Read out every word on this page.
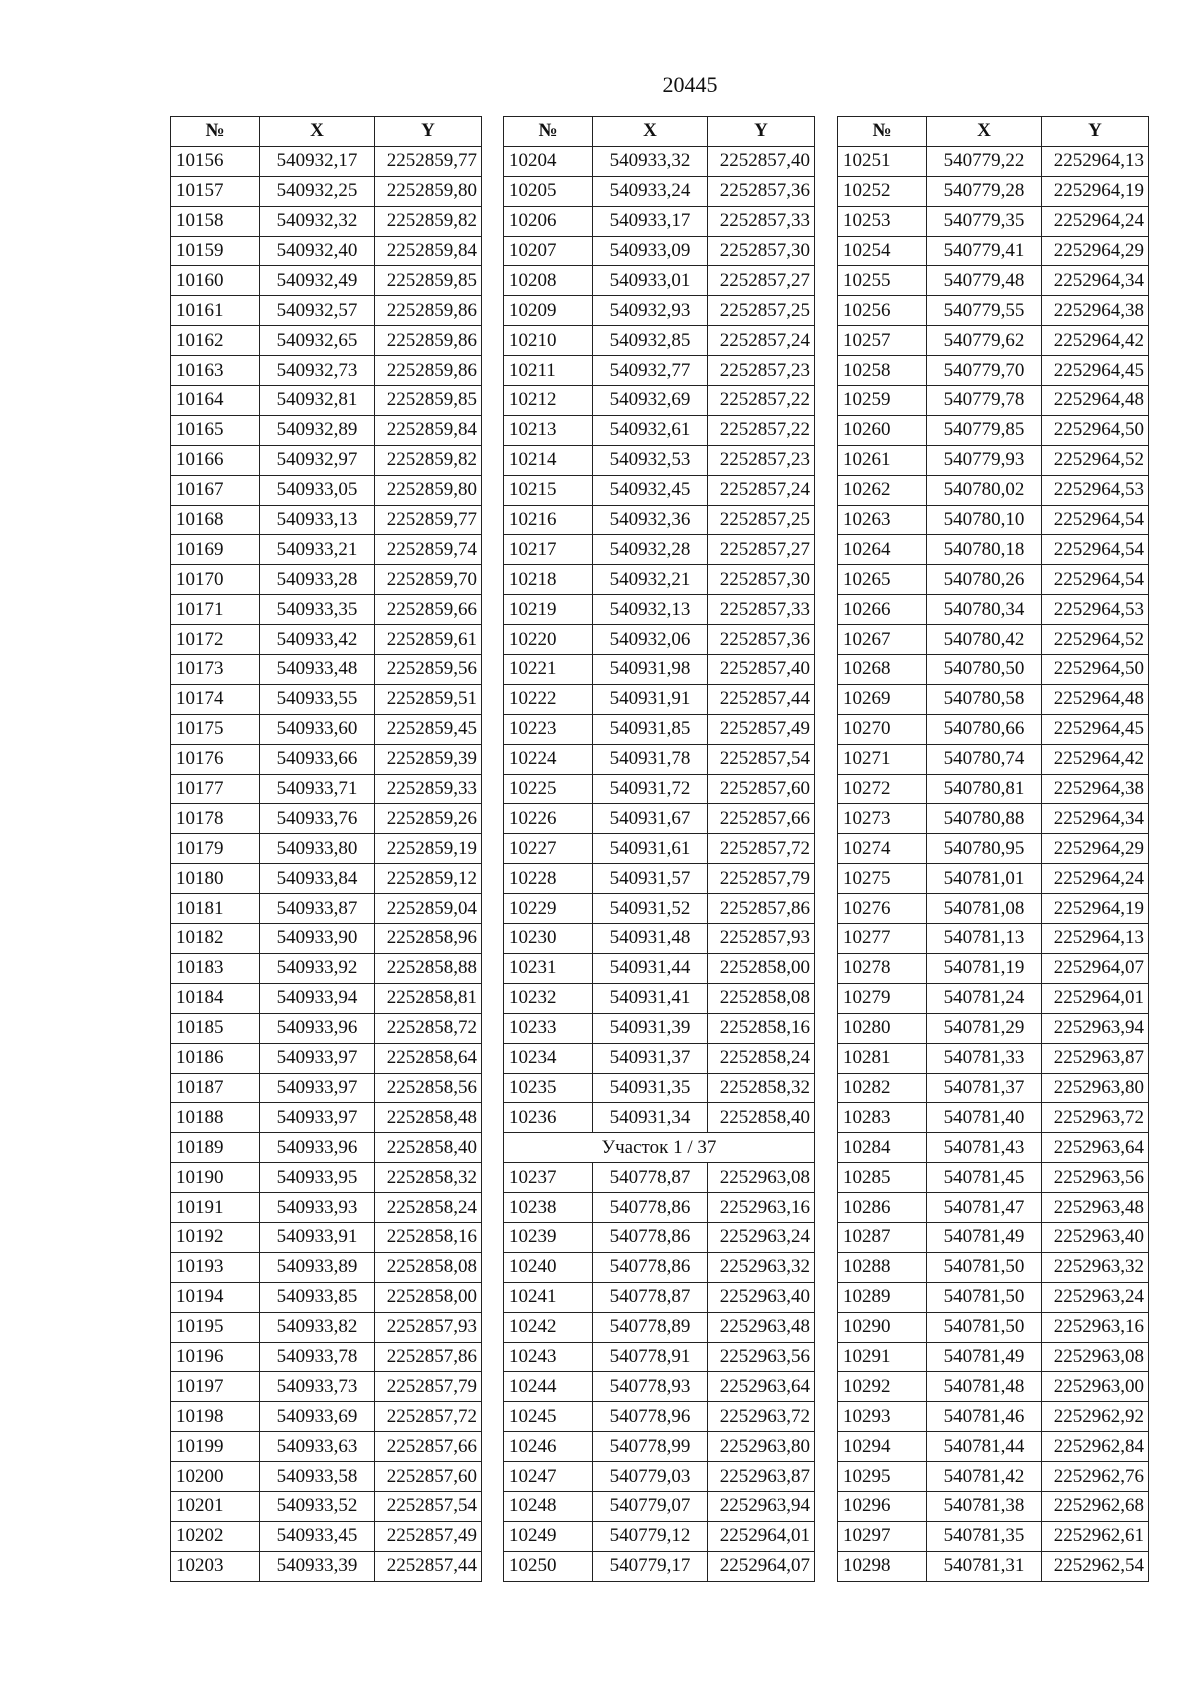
20445
№	X	Y
10156	540932,17	2252859,77
10157	540932,25	2252859,80
10158	540932,32	2252859,82
10159	540932,40	2252859,84
10160	540932,49	2252859,85
10161	540932,57	2252859,86
10162	540932,65	2252859,86
10163	540932,73	2252859,86
10164	540932,81	2252859,85
10165	540932,89	2252859,84
10166	540932,97	2252859,82
10167	540933,05	2252859,80
10168	540933,13	2252859,77
10169	540933,21	2252859,74
10170	540933,28	2252859,70
10171	540933,35	2252859,66
10172	540933,42	2252859,61
10173	540933,48	2252859,56
10174	540933,55	2252859,51
10175	540933,60	2252859,45
10176	540933,66	2252859,39
10177	540933,71	2252859,33
10178	540933,76	2252859,26
10179	540933,80	2252859,19
10180	540933,84	2252859,12
10181	540933,87	2252859,04
10182	540933,90	2252858,96
10183	540933,92	2252858,88
10184	540933,94	2252858,81
10185	540933,96	2252858,72
10186	540933,97	2252858,64
10187	540933,97	2252858,56
10188	540933,97	2252858,48
10189	540933,96	2252858,40
10190	540933,95	2252858,32
10191	540933,93	2252858,24
10192	540933,91	2252858,16
10193	540933,89	2252858,08
10194	540933,85	2252858,00
10195	540933,82	2252857,93
10196	540933,78	2252857,86
10197	540933,73	2252857,79
10198	540933,69	2252857,72
10199	540933,63	2252857,66
10200	540933,58	2252857,60
10201	540933,52	2252857,54
10202	540933,45	2252857,49
10203	540933,39	2252857,44
№	X	Y
10204	540933,32	2252857,40
10205	540933,24	2252857,36
10206	540933,17	2252857,33
10207	540933,09	2252857,30
10208	540933,01	2252857,27
10209	540932,93	2252857,25
10210	540932,85	2252857,24
10211	540932,77	2252857,23
10212	540932,69	2252857,22
10213	540932,61	2252857,22
10214	540932,53	2252857,23
10215	540932,45	2252857,24
10216	540932,36	2252857,25
10217	540932,28	2252857,27
10218	540932,21	2252857,30
10219	540932,13	2252857,33
10220	540932,06	2252857,36
10221	540931,98	2252857,40
10222	540931,91	2252857,44
10223	540931,85	2252857,49
10224	540931,78	2252857,54
10225	540931,72	2252857,60
10226	540931,67	2252857,66
10227	540931,61	2252857,72
10228	540931,57	2252857,79
10229	540931,52	2252857,86
10230	540931,48	2252857,93
10231	540931,44	2252858,00
10232	540931,41	2252858,08
10233	540931,39	2252858,16
10234	540931,37	2252858,24
10235	540931,35	2252858,32
10236	540931,34	2252858,40
Участок 1 / 37		
10237	540778,87	2252963,08
10238	540778,86	2252963,16
10239	540778,86	2252963,24
10240	540778,86	2252963,32
10241	540778,87	2252963,40
10242	540778,89	2252963,48
10243	540778,91	2252963,56
10244	540778,93	2252963,64
10245	540778,96	2252963,72
10246	540778,99	2252963,80
10247	540779,03	2252963,87
10248	540779,07	2252963,94
10249	540779,12	2252964,01
10250	540779,17	2252964,07
№	X	Y
10251	540779,22	2252964,13
10252	540779,28	2252964,19
10253	540779,35	2252964,24
10254	540779,41	2252964,29
10255	540779,48	2252964,34
10256	540779,55	2252964,38
10257	540779,62	2252964,42
10258	540779,70	2252964,45
10259	540779,78	2252964,48
10260	540779,85	2252964,50
10261	540779,93	2252964,52
10262	540780,02	2252964,53
10263	540780,10	2252964,54
10264	540780,18	2252964,54
10265	540780,26	2252964,54
10266	540780,34	2252964,53
10267	540780,42	2252964,52
10268	540780,50	2252964,50
10269	540780,58	2252964,48
10270	540780,66	2252964,45
10271	540780,74	2252964,42
10272	540780,81	2252964,38
10273	540780,88	2252964,34
10274	540780,95	2252964,29
10275	540781,01	2252964,24
10276	540781,08	2252964,19
10277	540781,13	2252964,13
10278	540781,19	2252964,07
10279	540781,24	2252964,01
10280	540781,29	2252963,94
10281	540781,33	2252963,87
10282	540781,37	2252963,80
10283	540781,40	2252963,72
10284	540781,43	2252963,64
10285	540781,45	2252963,56
10286	540781,47	2252963,48
10287	540781,49	2252963,40
10288	540781,50	2252963,32
10289	540781,50	2252963,24
10290	540781,50	2252963,16
10291	540781,49	2252963,08
10292	540781,48	2252963,00
10293	540781,46	2252962,92
10294	540781,44	2252962,84
10295	540781,42	2252962,76
10296	540781,38	2252962,68
10297	540781,35	2252962,61
10298	540781,31	2252962,54
